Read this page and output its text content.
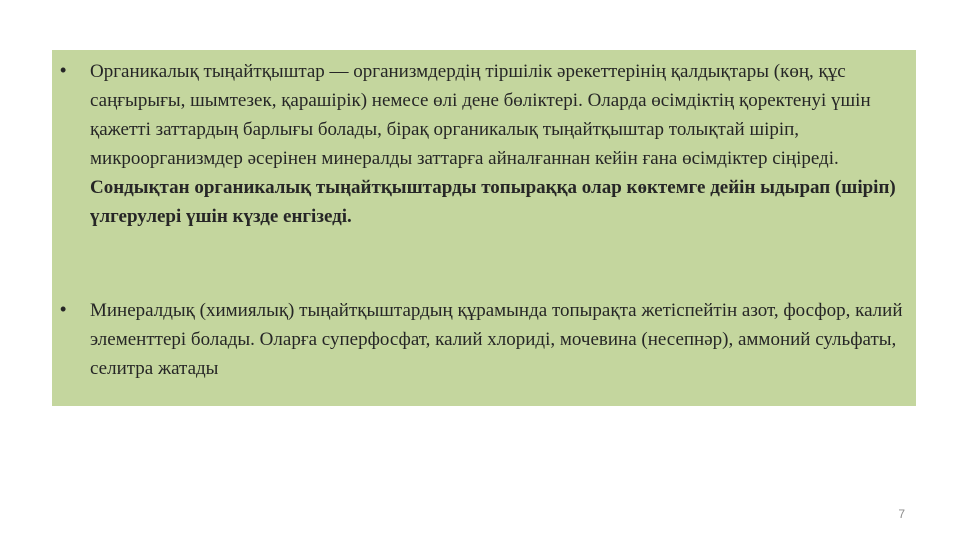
• Органикалық тыңайтқыштар — организмдердің тіршілік әрекеттерінің қалдықтары (көң, құс саңғырығы, шымтезек, қарашірік) немесе өлі дене бөліктері. Оларда өсімдіктің қоректенуі үшін қажетті заттардың барлығы болады, бірақ органикалық тыңайтқыштар толықтай шіріп, микроорганизмдер әсерінен минералды заттарға айналғаннан кейін ғана өсімдіктер сіңіреді. Сондықтан органикалық тыңайтқыштарды топыраққа олар көктемге дейін ыдырап (шіріп) үлгерулері үшін күзде енгізеді.

• Минералдық (химиялық) тыңайтқыштардың құрамында топырақта жетіспейтін азот, фосфор, калий элементтері болады. Оларға суперфосфат, калий хлориді, мочевина (несепнәр), аммоний сульфаты, селитра жатады

7
